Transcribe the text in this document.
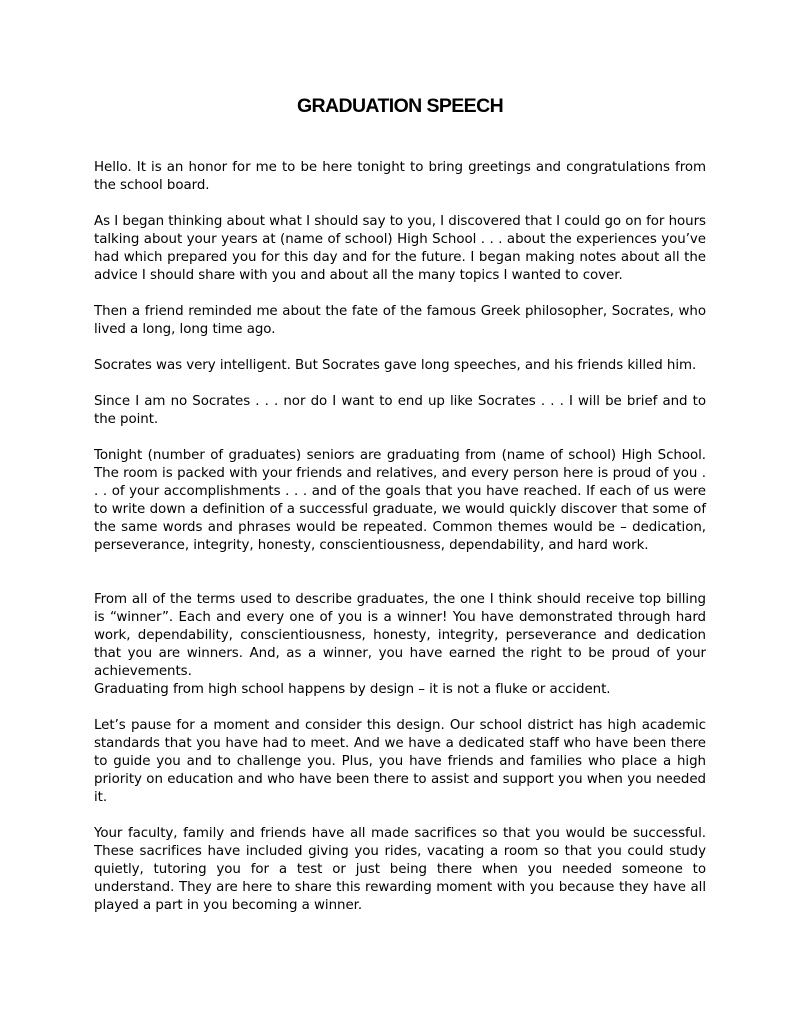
GRADUATION SPEECH

Hello. It is an honor for me to be here tonight to bring greetings and congratulations from the school board.

As I began thinking about what I should say to you, I discovered that I could go on for hours talking about your years at (name of school) High School . . . about the experiences you’ve had which prepared you for this day and for the future. I began making notes about all the advice I should share with you and about all the many topics I wanted to cover.

Then a friend reminded me about the fate of the famous Greek philosopher, Socrates, who lived a long, long time ago.

Socrates was very intelligent. But Socrates gave long speeches, and his friends killed him.

Since I am no Socrates . . . nor do I want to end up like Socrates . . . I will be brief and to the point.

Tonight (number of graduates) seniors are graduating from (name of school) High School. The room is packed with your friends and relatives, and every person here is proud of you . . . of your accomplishments . . . and of the goals that you have reached. If each of us were to write down a definition of a successful graduate, we would quickly discover that some of the same words and phrases would be repeated. Common themes would be – dedication, perseverance, integrity, honesty, conscientiousness, dependability, and hard work.

From all of the terms used to describe graduates, the one I think should receive top billing is “winner”. Each and every one of you is a winner! You have demonstrated through hard work, dependability, conscientiousness, honesty, integrity, perseverance and dedication that you are winners. And, as a winner, you have earned the right to be proud of your achievements.

Graduating from high school happens by design – it is not a fluke or accident.

Let’s pause for a moment and consider this design. Our school district has high academic standards that you have had to meet. And we have a dedicated staff who have been there to guide you and to challenge you. Plus, you have friends and families who place a high priority on education and who have been there to assist and support you when you needed it.

Your faculty, family and friends have all made sacrifices so that you would be successful. These sacrifices have included giving you rides, vacating a room so that you could study quietly, tutoring you for a test or just being there when you needed someone to understand. They are here to share this rewarding moment with you because they have all played a part in you becoming a winner.
